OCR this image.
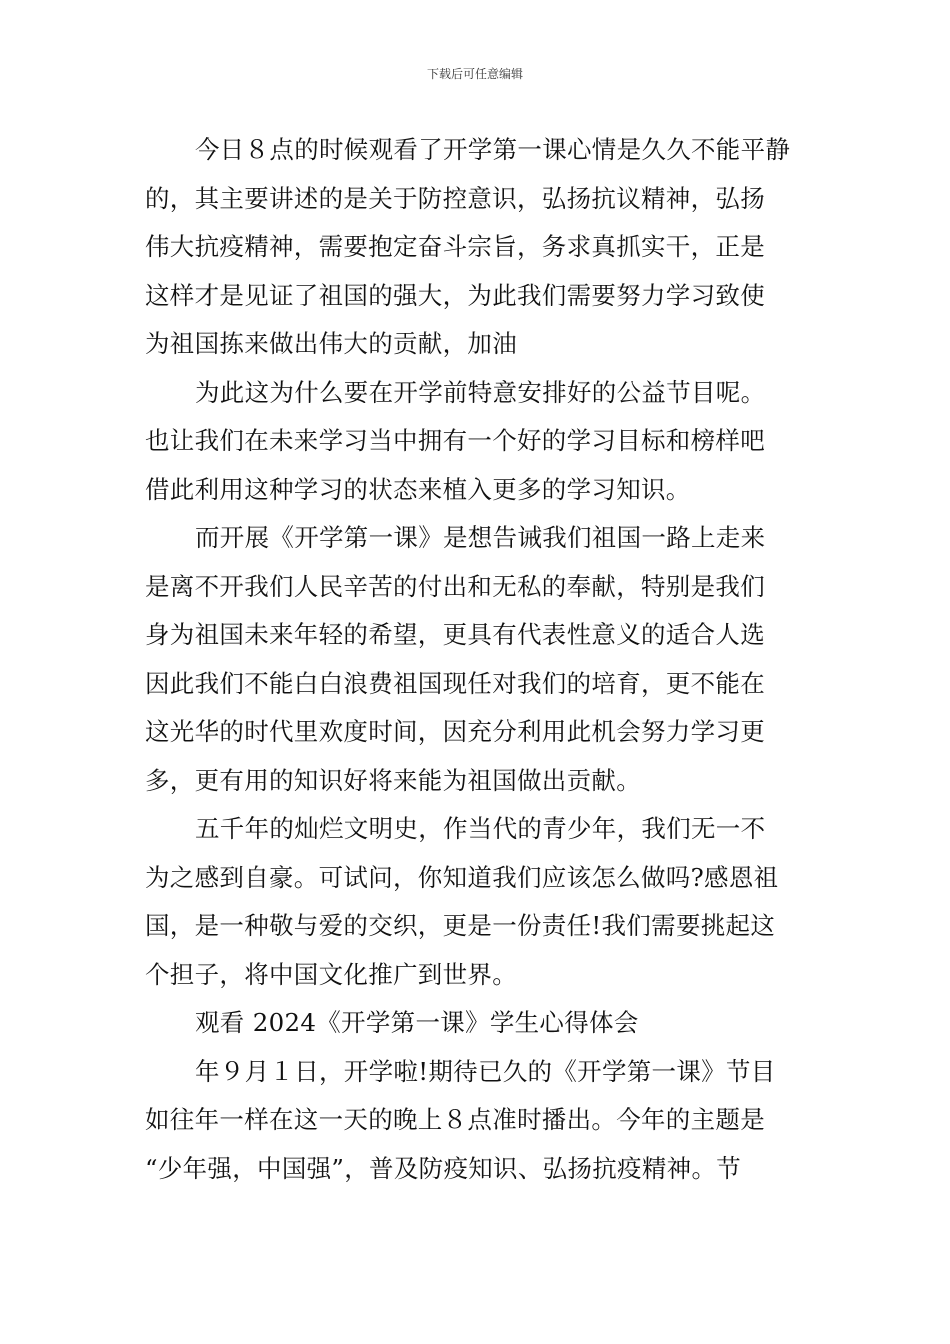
下载后可任意编辑
今日８点的时候观看了开学第一课心情是久久不能平静
的，其主要讲述的是关于防控意识，弘扬抗议精神，弘扬
伟大抗疫精神，需要抱定奋斗宗旨，务求真抓实干，正是
这样才是见证了祖国的强大，为此我们需要努力学习致使
为祖国拣来做出伟大的贡献，加油
为此这为什么要在开学前特意安排好的公益节目呢。
也让我们在未来学习当中拥有一个好的学习目标和榜样吧
借此利用这种学习的状态来植入更多的学习知识。
而开展《开学第一课》是想告诫我们祖国一路上走来
是离不开我们人民辛苦的付出和无私的奉献，特别是我们
身为祖国未来年轻的希望，更具有代表性意义的适合人选
因此我们不能白白浪费祖国现任对我们的培育，更不能在
这光华的时代里欢度时间，因充分利用此机会努力学习更
多，更有用的知识好将来能为祖国做出贡献。
五千年的灿烂文明史，作当代的青少年，我们无一不
为之感到自豪。可试问，你知道我们应该怎么做吗?感恩祖
国，是一种敬与爱的交织，更是一份责任!我们需要挑起这
个担子，将中国文化推广到世界。
观看 2024《开学第一课》学生心得体会
年９月１日，开学啦!期待已久的《开学第一课》节目
如往年一样在这一天的晚上８点准时播出。今年的主题是
“少年强，中国强”，普及防疫知识、弘扬抗疫精神。节
